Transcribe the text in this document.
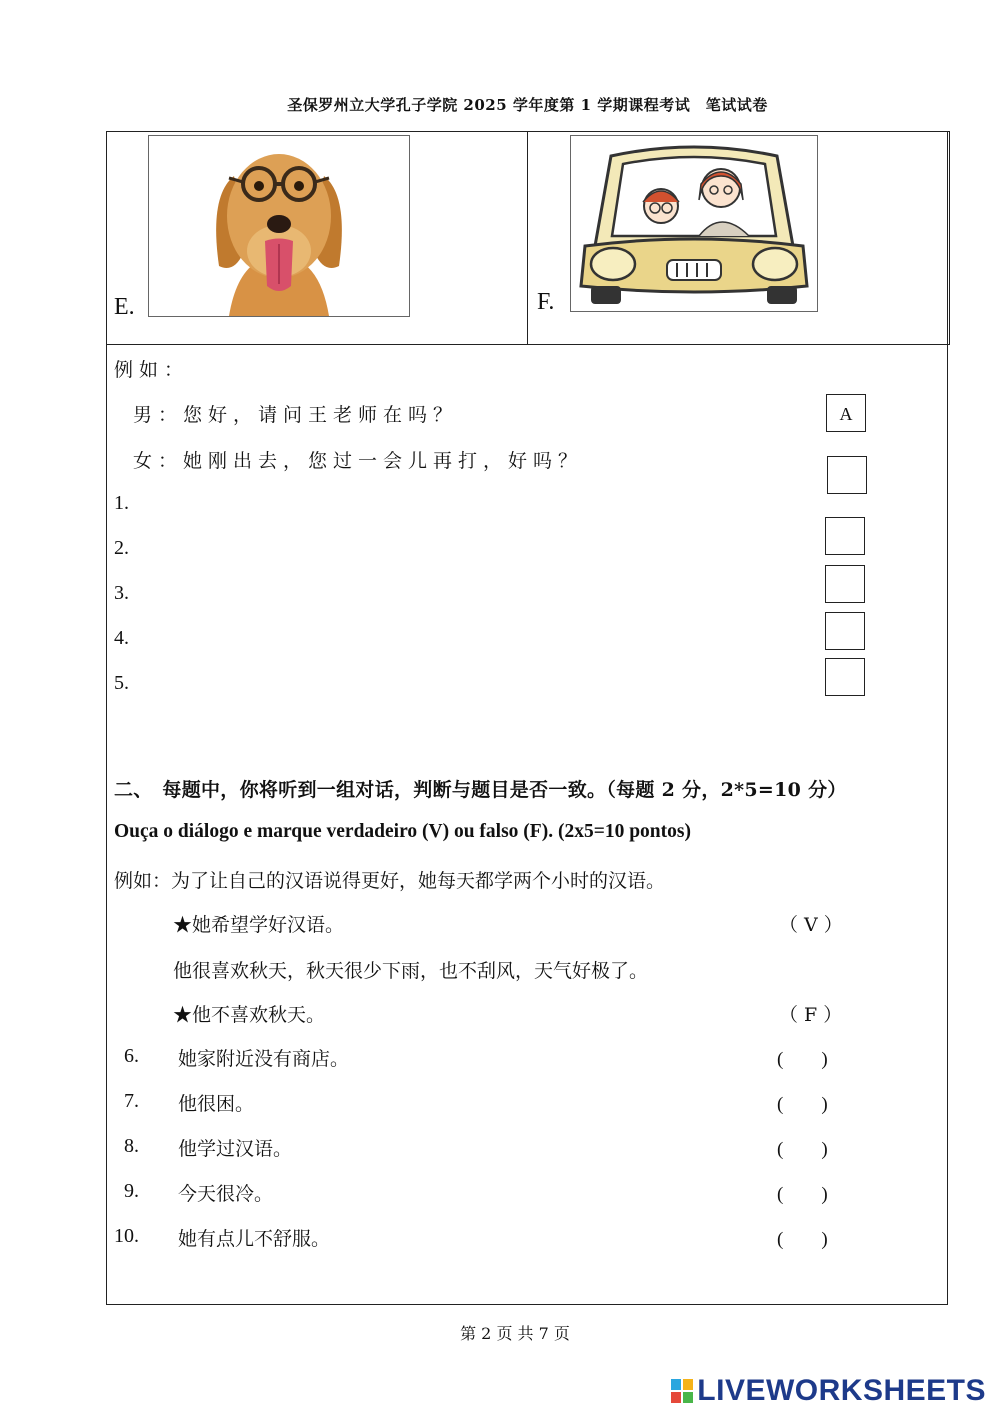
圣保罗州立大学孔子学院 2025 学年度第 1 学期课程考试　笔试试卷
E.	F.
例如：
男：您好，请问王老师在吗？
女：她刚出去，您过一会儿再打，好吗？
A
1.
2.
3.
4.
5.
二、　每题中，你将听到一组对话，判断与题目是否一致。（每题 2 分，2*5=10 分）
Ouça o diálogo e marque verdadeiro (V) ou falso (F). (2x5=10 pontos)
例如：为了让自己的汉语说得更好，她每天都学两个小时的汉语。
★她希望学好汉语。	（ V ）
他很喜欢秋天，秋天很少下雨，也不刮风，天气好极了。
★他不喜欢秋天。	（ F ）
6. 她家附近没有商店。	(　　)
7. 他很困。	(　　)
8. 他学过汉语。	(　　)
9. 今天很冷。	(　　)
10. 她有点儿不舒服。	(　　)
第 2 页 共 7 页
LIVEWORKSHEETS
